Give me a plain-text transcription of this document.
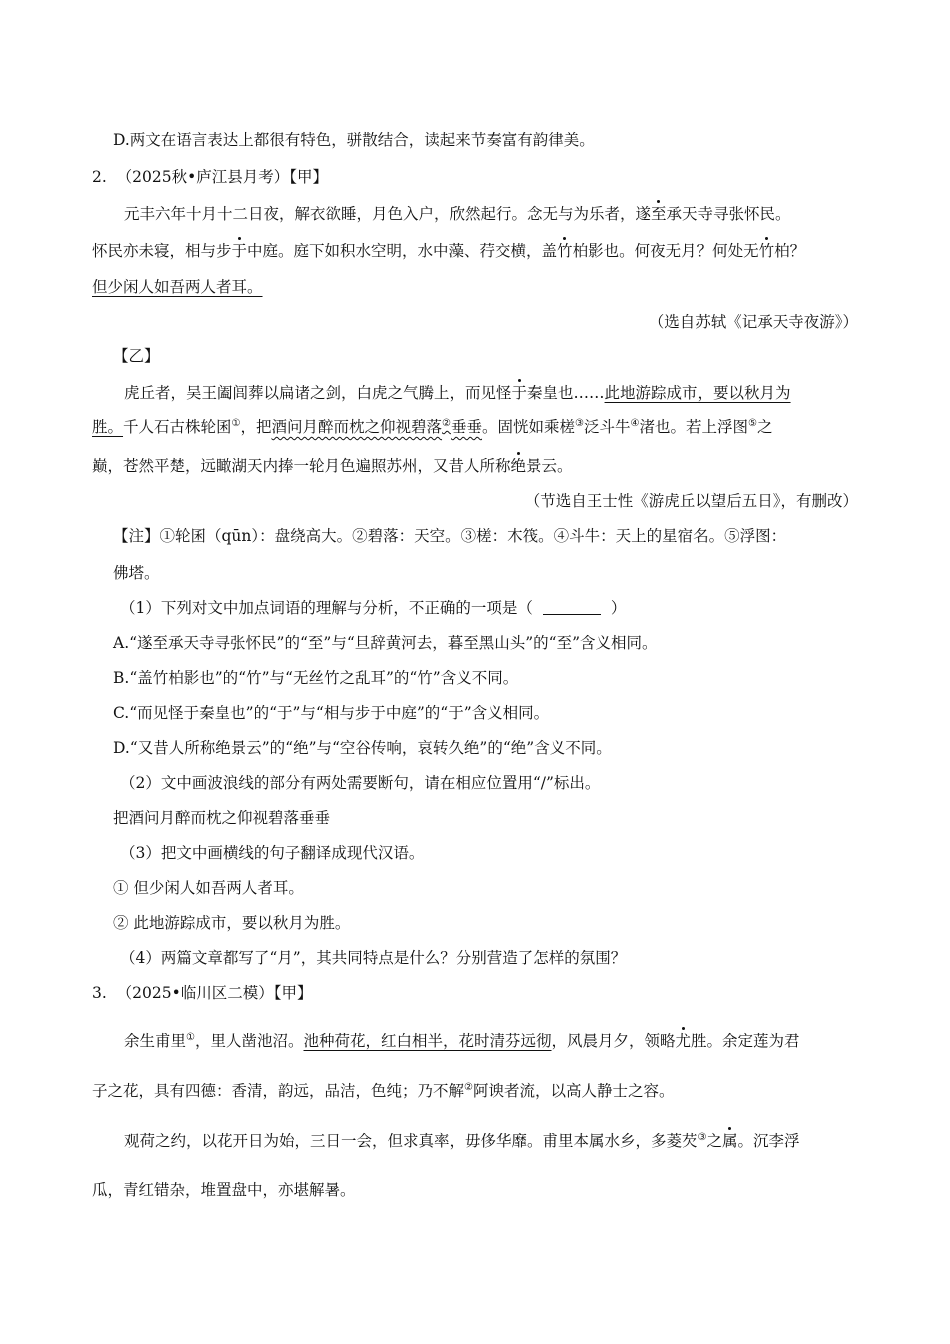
D.两文在语言表达上都很有特色，骈散结合，读起来节奏富有韵律美。
2. （2025秋•庐江县月考）【甲】
元丰六年十月十二日夜，解衣欲睡，月色入户，欣然起行。念无与为乐者，遂至承天寺寻张怀民。
怀民亦未寝，相与步于中庭。庭下如积水空明，水中藻、荇交横，盖竹柏影也。何夜无月？何处无竹柏？
但少闲人如吾两人者耳。
（选自苏轼《记承天寺夜游》）
【乙】
虎丘者，吴王阖闾葬以扁诸之剑，白虎之气腾上，而见怪于秦皇也……此地游踪成市，要以秋月为
胜。千人石古株轮囷①，把酒问月醉而枕之仰视碧落②垂垂。固恍如乘槎③泛斗牛④渚也。若上浮图⑤之
巅，苍然平楚，远瞰湖天内捧一轮月色遍照苏州，又昔人所称绝景云。
（节选自王士性《游虎丘以望后五日》，有删改）
【注】①轮囷（qūn）：盘绕高大。②碧落：天空。③槎：木筏。④斗牛：天上的星宿名。⑤浮图：
佛塔。
（1）下列对文中加点词语的理解与分析，不正确的一项是（	）
A.“遂至承天寺寻张怀民”的“至”与“旦辞黄河去，暮至黑山头”的“至”含义相同。
B.“盖竹柏影也”的“竹”与“无丝竹之乱耳”的“竹”含义不同。
C.“而见怪于秦皇也”的“于”与“相与步于中庭”的“于”含义相同。
D.“又昔人所称绝景云”的“绝”与“空谷传响，哀转久绝”的“绝”含义不同。
（2）文中画波浪线的部分有两处需要断句，请在相应位置用“/”标出。
把酒问月醉而枕之仰视碧落垂垂
（3）把文中画横线的句子翻译成现代汉语。
① 但少闲人如吾两人者耳。
② 此地游踪成市，要以秋月为胜。
（4）两篇文章都写了“月”，其共同特点是什么？分别营造了怎样的氛围？
3. （2025•临川区二模）【甲】
余生甫里①，里人凿池沼。池种荷花，红白相半，花时清芬远彻，风晨月夕，领略尤胜。余定莲为君
子之花，具有四德：香清，韵远，品洁，色纯；乃不解②阿谀者流，以高人静士之容。
观荷之约，以花开日为始，三日一会，但求真率，毋侈华靡。甫里本属水乡，多菱芡③之属。沉李浮
瓜，青红错杂，堆置盘中，亦堪解暑。
